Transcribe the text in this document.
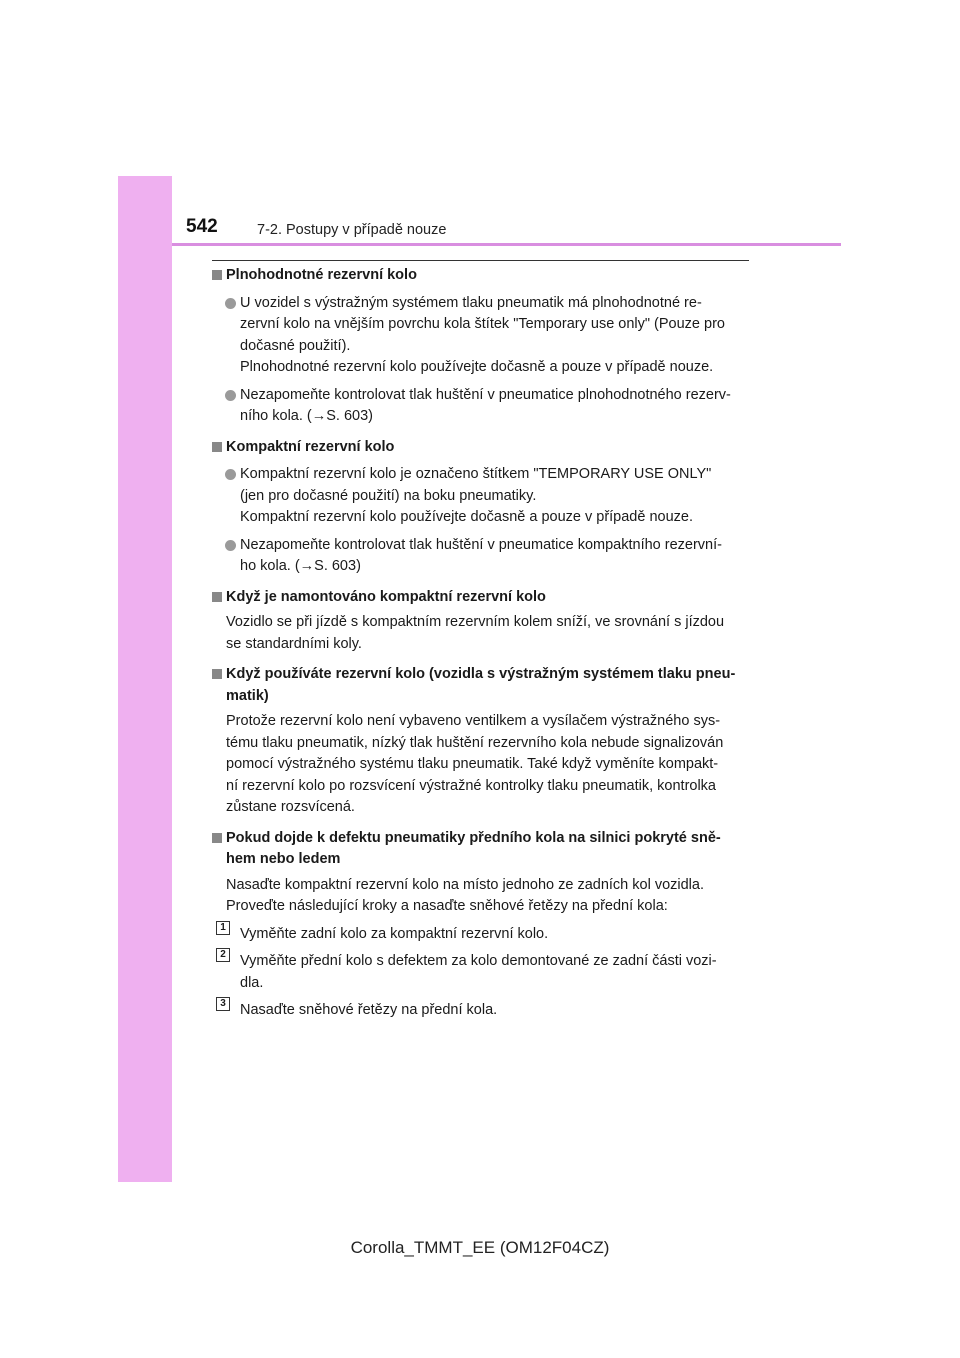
542	7-2. Postupy v případě nouze
Plnohodnotné rezervní kolo
U vozidel s výstražným systémem tlaku pneumatik má plnohodnotné re-
zervní kolo na vnějším povrchu kola štítek "Temporary use only" (Pouze pro
dočasné použití).
Plnohodnotné rezervní kolo používejte dočasně a pouze v případě nouze.
Nezapomeňte kontrolovat tlak huštění v pneumatice plnohodnotného rezerv-
ního kola. (→S. 603)
Kompaktní rezervní kolo
Kompaktní rezervní kolo je označeno štítkem "TEMPORARY USE ONLY"
(jen pro dočasné použití) na boku pneumatiky.
Kompaktní rezervní kolo používejte dočasně a pouze v případě nouze.
Nezapomeňte kontrolovat tlak huštění v pneumatice kompaktního rezervní-
ho kola. (→S. 603)
Když je namontováno kompaktní rezervní kolo
Vozidlo se při jízdě s kompaktním rezervním kolem sníží, ve srovnání s jízdou
se standardními koly.
Když používáte rezervní kolo (vozidla s výstražným systémem tlaku pneu-
matik)
Protože rezervní kolo není vybaveno ventilkem a vysílačem výstražného sys-
tému tlaku pneumatik, nízký tlak huštění rezervního kola nebude signalizován
pomocí výstražného systému tlaku pneumatik. Také když vyměníte kompakt-
ní rezervní kolo po rozsvícení výstražné kontrolky tlaku pneumatik, kontrolka
zůstane rozsvícená.
Pokud dojde k defektu pneumatiky předního kola na silnici pokryté sně-
hem nebo ledem
Nasaďte kompaktní rezervní kolo na místo jednoho ze zadních kol vozidla.
Proveďte následující kroky a nasaďte sněhové řetězy na přední kola:
1 Vyměňte zadní kolo za kompaktní rezervní kolo.
2 Vyměňte přední kolo s defektem za kolo demontované ze zadní části vozi-
dla.
3 Nasaďte sněhové řetězy na přední kola.
Corolla_TMMT_EE (OM12F04CZ)
